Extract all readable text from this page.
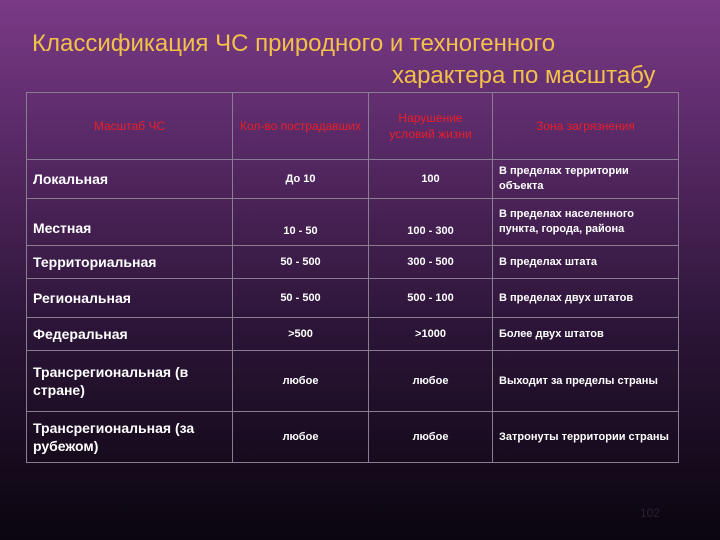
Классификация ЧС природного и техногенного
характера по масштабу
Масштаб ЧС	Кол-во пострадавших	Нарушение условий жизни	Зона загрязнения
Локальная	До 10	100	В пределах территории объекта
Местная	10 - 50	100 - 300	В пределах населенного пункта, города, района
Территориальная	50 - 500	300 - 500	В пределах штата
Региональная	50 - 500	500 - 100	В пределах двух штатов
Федеральная	>500	>1000	Более двух штатов
Трансрегиональная (в стране)	любое	любое	Выходит за пределы страны
Трансрегиональная (за рубежом)	любое	любое	Затронуты территории страны
102
